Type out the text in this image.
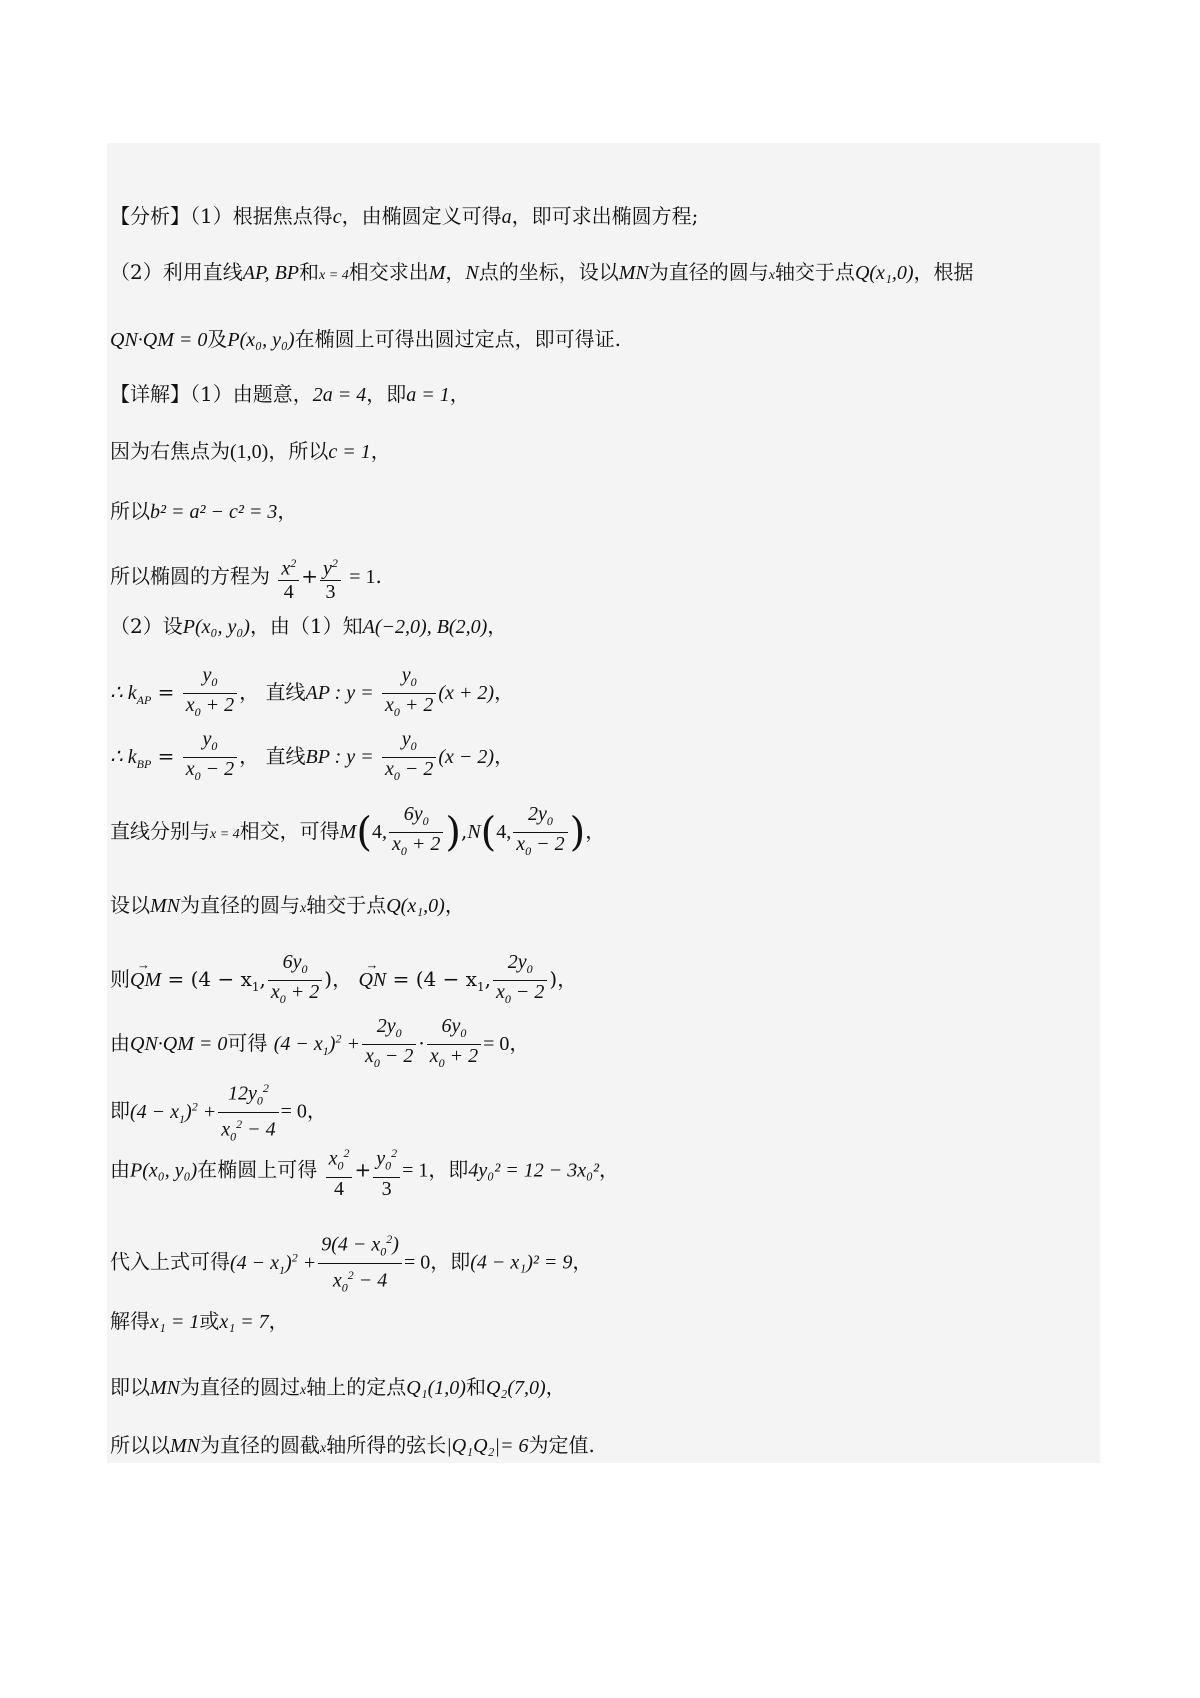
【分析】（1）根据焦点得c，由椭圆定义可得a，即可求出椭圆方程;
（2）利用直线AP, BP和x = 4相交求出M，N点的坐标，设以MN为直径的圆与x轴交于点Q(x₁,0)，根据
QN·QM = 0及P(x₀, y₀)在椭圆上可得出圆过定点，即可得证.
【详解】（1）由题意，2a = 4，即a = 1，
因为右焦点为(1,0)，所以c = 1，
所以b² = a² − c² = 3，
所以椭圆的方程为 $\frac{x^2}{4} + \frac{y^2}{3} = 1$.
（2）设P(x₀, y₀)，由（1）知A(−2,0), B(2,0)，
∴ $k_{AP} = \frac{y_0}{x_0 + 2}$ ， 直线AP : $y = \frac{y_0}{x_0 + 2} (x + 2)$，
∴ $k_{BP} = \frac{y_0}{x_0 - 2}$ ， 直线BP : $y = \frac{y_0}{x_0 - 2} (x - 2)$，
直线分别与x = 4相交，可得M(4, $\frac{6y_0}{x_0 + 2} ),N(4$, $\frac{2y_0}{x_0 - 2}$ )，
设以MN为直径的圆与x轴交于点Q(x₁,0)，
则→ QM = ($4 - x_1$, $\frac{6y_0}{x_0 + 2}$ )， → QN = ($4 - x_1$, $\frac{2y_0}{x_0 - 2}$ )，
由QN·QM = 0可得 $(4 - x_1)^2 + \frac{2y_0}{x_0 - 2} \cdot \frac{6y_0}{x_0 + 2} = 0$，
即$(4 - x_1)^2 + \frac{12y_0^2}{x_0^2 - 4} = 0$，
由P(x₀, y₀)在椭圆上可得 $\frac{x_0^2}{4} + \frac{y_0^2}{3} = 1$，即4y₀² = 12 − 3x₀²，
代入上式可得$(4 - x_1)^2 + \frac{9(4 - x_0^2)}{x_0^2 - 4} = 0$，即(4 − x₁)² = 9，
解得x₁ = 1或x₁ = 7，
即以MN为直径的圆过x轴上的定点Q₁(1,0)和Q₂(7,0)，
所以以MN为直径的圆截x轴所得的弦长|Q₁Q₂|= 6为定值.
